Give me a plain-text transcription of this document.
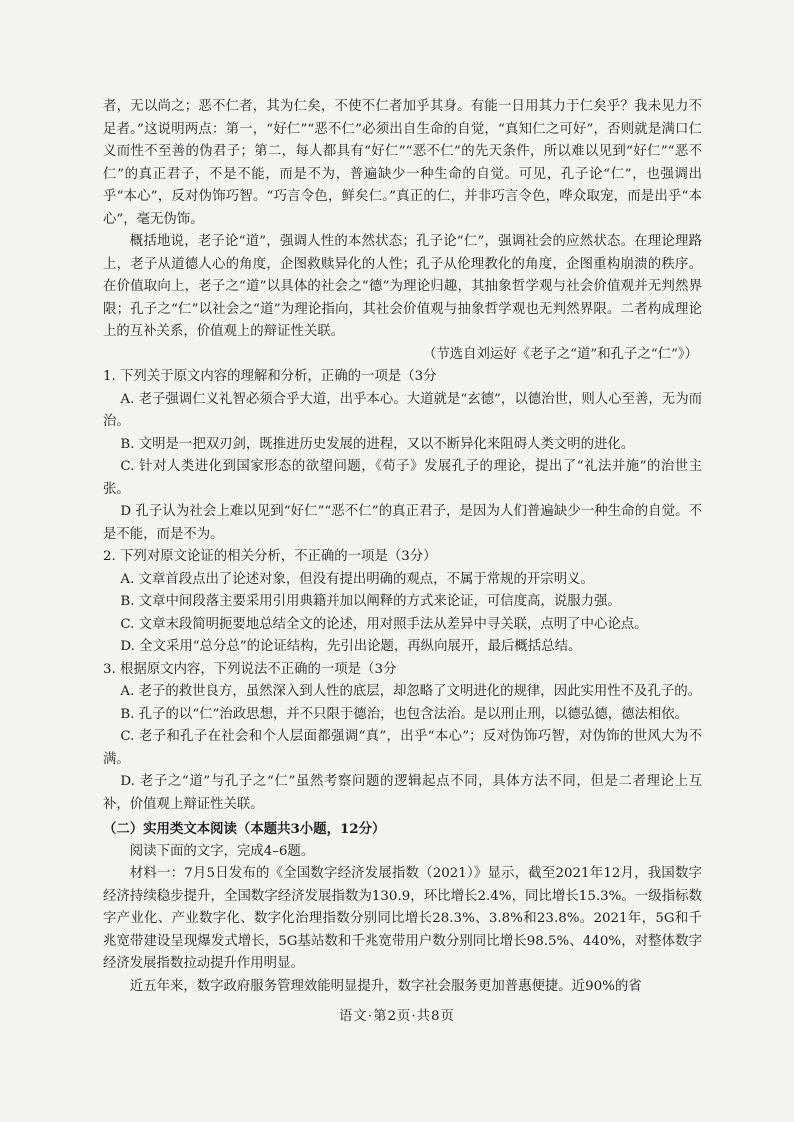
者，无以尚之；恶不仁者，其为仁矣，不使不仁者加乎其身。有能一日用其力于仁矣乎？我未见力不足者。”这说明两点：第一，“好仁”“恶不仁”必须出自生命的自觉，“真知仁之可好”，否则就是满口仁义而性不至善的伪君子；第二，每人都具有“好仁”“恶不仁”的先天条件，所以难以见到“好仁”“恶不仁”的真正君子，不是不能，而是不为，普遍缺少一种生命的自觉。可见，孔子论“仁”，也强调出乎“本心”，反对伪饰巧智。“巧言令色，鲜矣仁。”真正的仁，并非巧言令色，哗众取宠，而是出乎“本心”，毫无伪饰。

概括地说，老子论“道”，强调人性的本然状态；孔子论“仁”，强调社会的应然状态。在理论理路上，老子从道德人心的角度，企图救赎异化的人性；孔子从伦理教化的角度，企图重构崩溃的秩序。在价值取向上，老子之“道”以具体的社会之“德”为理论归趣，其抽象哲学观与社会价值观并无判然界限；孔子之“仁”以社会之“道”为理论指向，其社会价值观与抽象哲学观也无判然界限。二者构成理论上的互补关系，价值观上的辩证性关联。

（节选自刘运好《老子之“道”和孔子之“仁”》）

1. 下列关于原文内容的理解和分析，正确的一项是（3分

A. 老子强调仁义礼智必须合乎大道，出乎本心。大道就是“玄德”，以德治世，则人心至善，无为而治。

B. 文明是一把双刃剑，既推进历史发展的进程，又以不断异化来阻碍人类文明的进化。

C. 针对人类进化到国家形态的欲望问题，《荀子》发展孔子的理论，提出了“礼法并施”的治世主张。

D 孔子认为社会上难以见到“好仁”“恶不仁”的真正君子，是因为人们普遍缺少一种生命的自觉。不是不能，而是不为。

2. 下列对原文论证的相关分析，不正确的一项是（3分）

A. 文章首段点出了论述对象，但没有提出明确的观点，不属于常规的开宗明义。

B. 文章中间段落主要采用引用典籍并加以阐释的方式来论证，可信度高，说服力强。

C. 文章末段简明扼要地总结全文的论述，用对照手法从差异中寻关联，点明了中心论点。

D. 全文采用“总分总”的论证结构，先引出论题，再纵向展开，最后概括总结。

3. 根据原文内容，下列说法不正确的一项是（3分

A. 老子的救世良方，虽然深入到人性的底层，却忽略了文明进化的规律，因此实用性不及孔子的。

B. 孔子的以“仁”治政思想，并不只限于德治，也包含法治。是以刑止刑，以德弘德，德法相依。

C. 老子和孔子在社会和个人层面都强调“真”，出乎“本心”；反对伪饰巧智，对伪饰的世风大为不满。

D. 老子之“道”与孔子之“仁”虽然考察问题的逻辑起点不同，具体方法不同，但是二者理论上互补，价值观上辩证性关联。

（二）实用类文本阅读（本题共3小题，12分）

阅读下面的文字，完成4–6题。

材料一：7月5日发布的《全国数字经济发展指数（2021）》显示，截至2021年12月，我国数字经济持续稳步提升，全国数字经济发展指数为130.9，环比增长2.4%，同比增长15.3%。一级指标数字产业化、产业数字化、数字化治理指数分别同比增长28.3%、3.8%和23.8%。2021年，5G和千兆宽带建设呈现爆发式增长，5G基站数和千兆宽带用户数分别同比增长98.5%、440%，对整体数字经济发展指数拉动提升作用明显。

近五年来，数字政府服务管理效能明显提升，数字社会服务更加普惠便捷。近90%的省

语文·第2页·共8页
